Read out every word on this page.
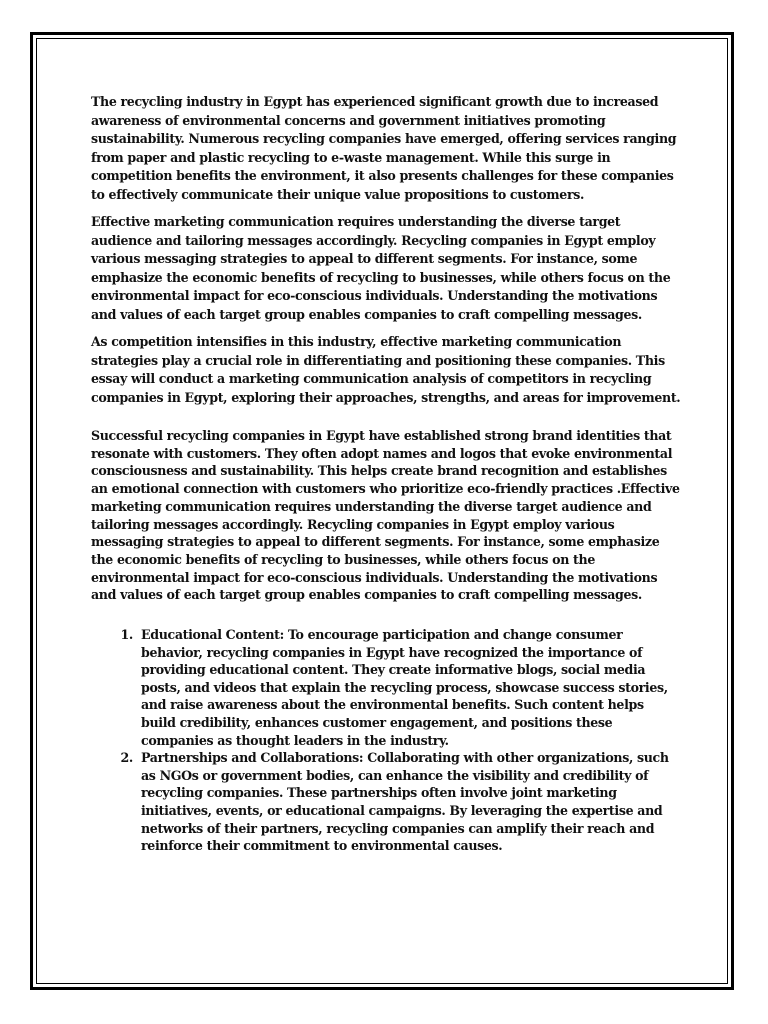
The recycling industry in Egypt has experienced significant growth due to increased awareness of environmental concerns and government initiatives promoting sustainability. Numerous recycling companies have emerged, offering services ranging from paper and plastic recycling to e-waste management. While this surge in competition benefits the environment, it also presents challenges for these companies to effectively communicate their unique value propositions to customers.

Effective marketing communication requires understanding the diverse target audience and tailoring messages accordingly. Recycling companies in Egypt employ various messaging strategies to appeal to different segments. For instance, some emphasize the economic benefits of recycling to businesses, while others focus on the environmental impact for eco-conscious individuals. Understanding the motivations and values of each target group enables companies to craft compelling messages.

As competition intensifies in this industry, effective marketing communication strategies play a crucial role in differentiating and positioning these companies. This essay will conduct a marketing communication analysis of competitors in recycling companies in Egypt, exploring their approaches, strengths, and areas for improvement.

Successful recycling companies in Egypt have established strong brand identities that resonate with customers. They often adopt names and logos that evoke environmental consciousness and sustainability. This helps create brand recognition and establishes an emotional connection with customers who prioritize eco-friendly practices .Effective marketing communication requires understanding the diverse target audience and tailoring messages accordingly. Recycling companies in Egypt employ various messaging strategies to appeal to different segments. For instance, some emphasize the economic benefits of recycling to businesses, while others focus on the environmental impact for eco-conscious individuals. Understanding the motivations and values of each target group enables companies to craft compelling messages.

1. Educational Content: To encourage participation and change consumer behavior, recycling companies in Egypt have recognized the importance of providing educational content. They create informative blogs, social media posts, and videos that explain the recycling process, showcase success stories, and raise awareness about the environmental benefits. Such content helps build credibility, enhances customer engagement, and positions these companies as thought leaders in the industry.
2. Partnerships and Collaborations: Collaborating with other organizations, such as NGOs or government bodies, can enhance the visibility and credibility of recycling companies. These partnerships often involve joint marketing initiatives, events, or educational campaigns. By leveraging the expertise and networks of their partners, recycling companies can amplify their reach and reinforce their commitment to environmental causes.
